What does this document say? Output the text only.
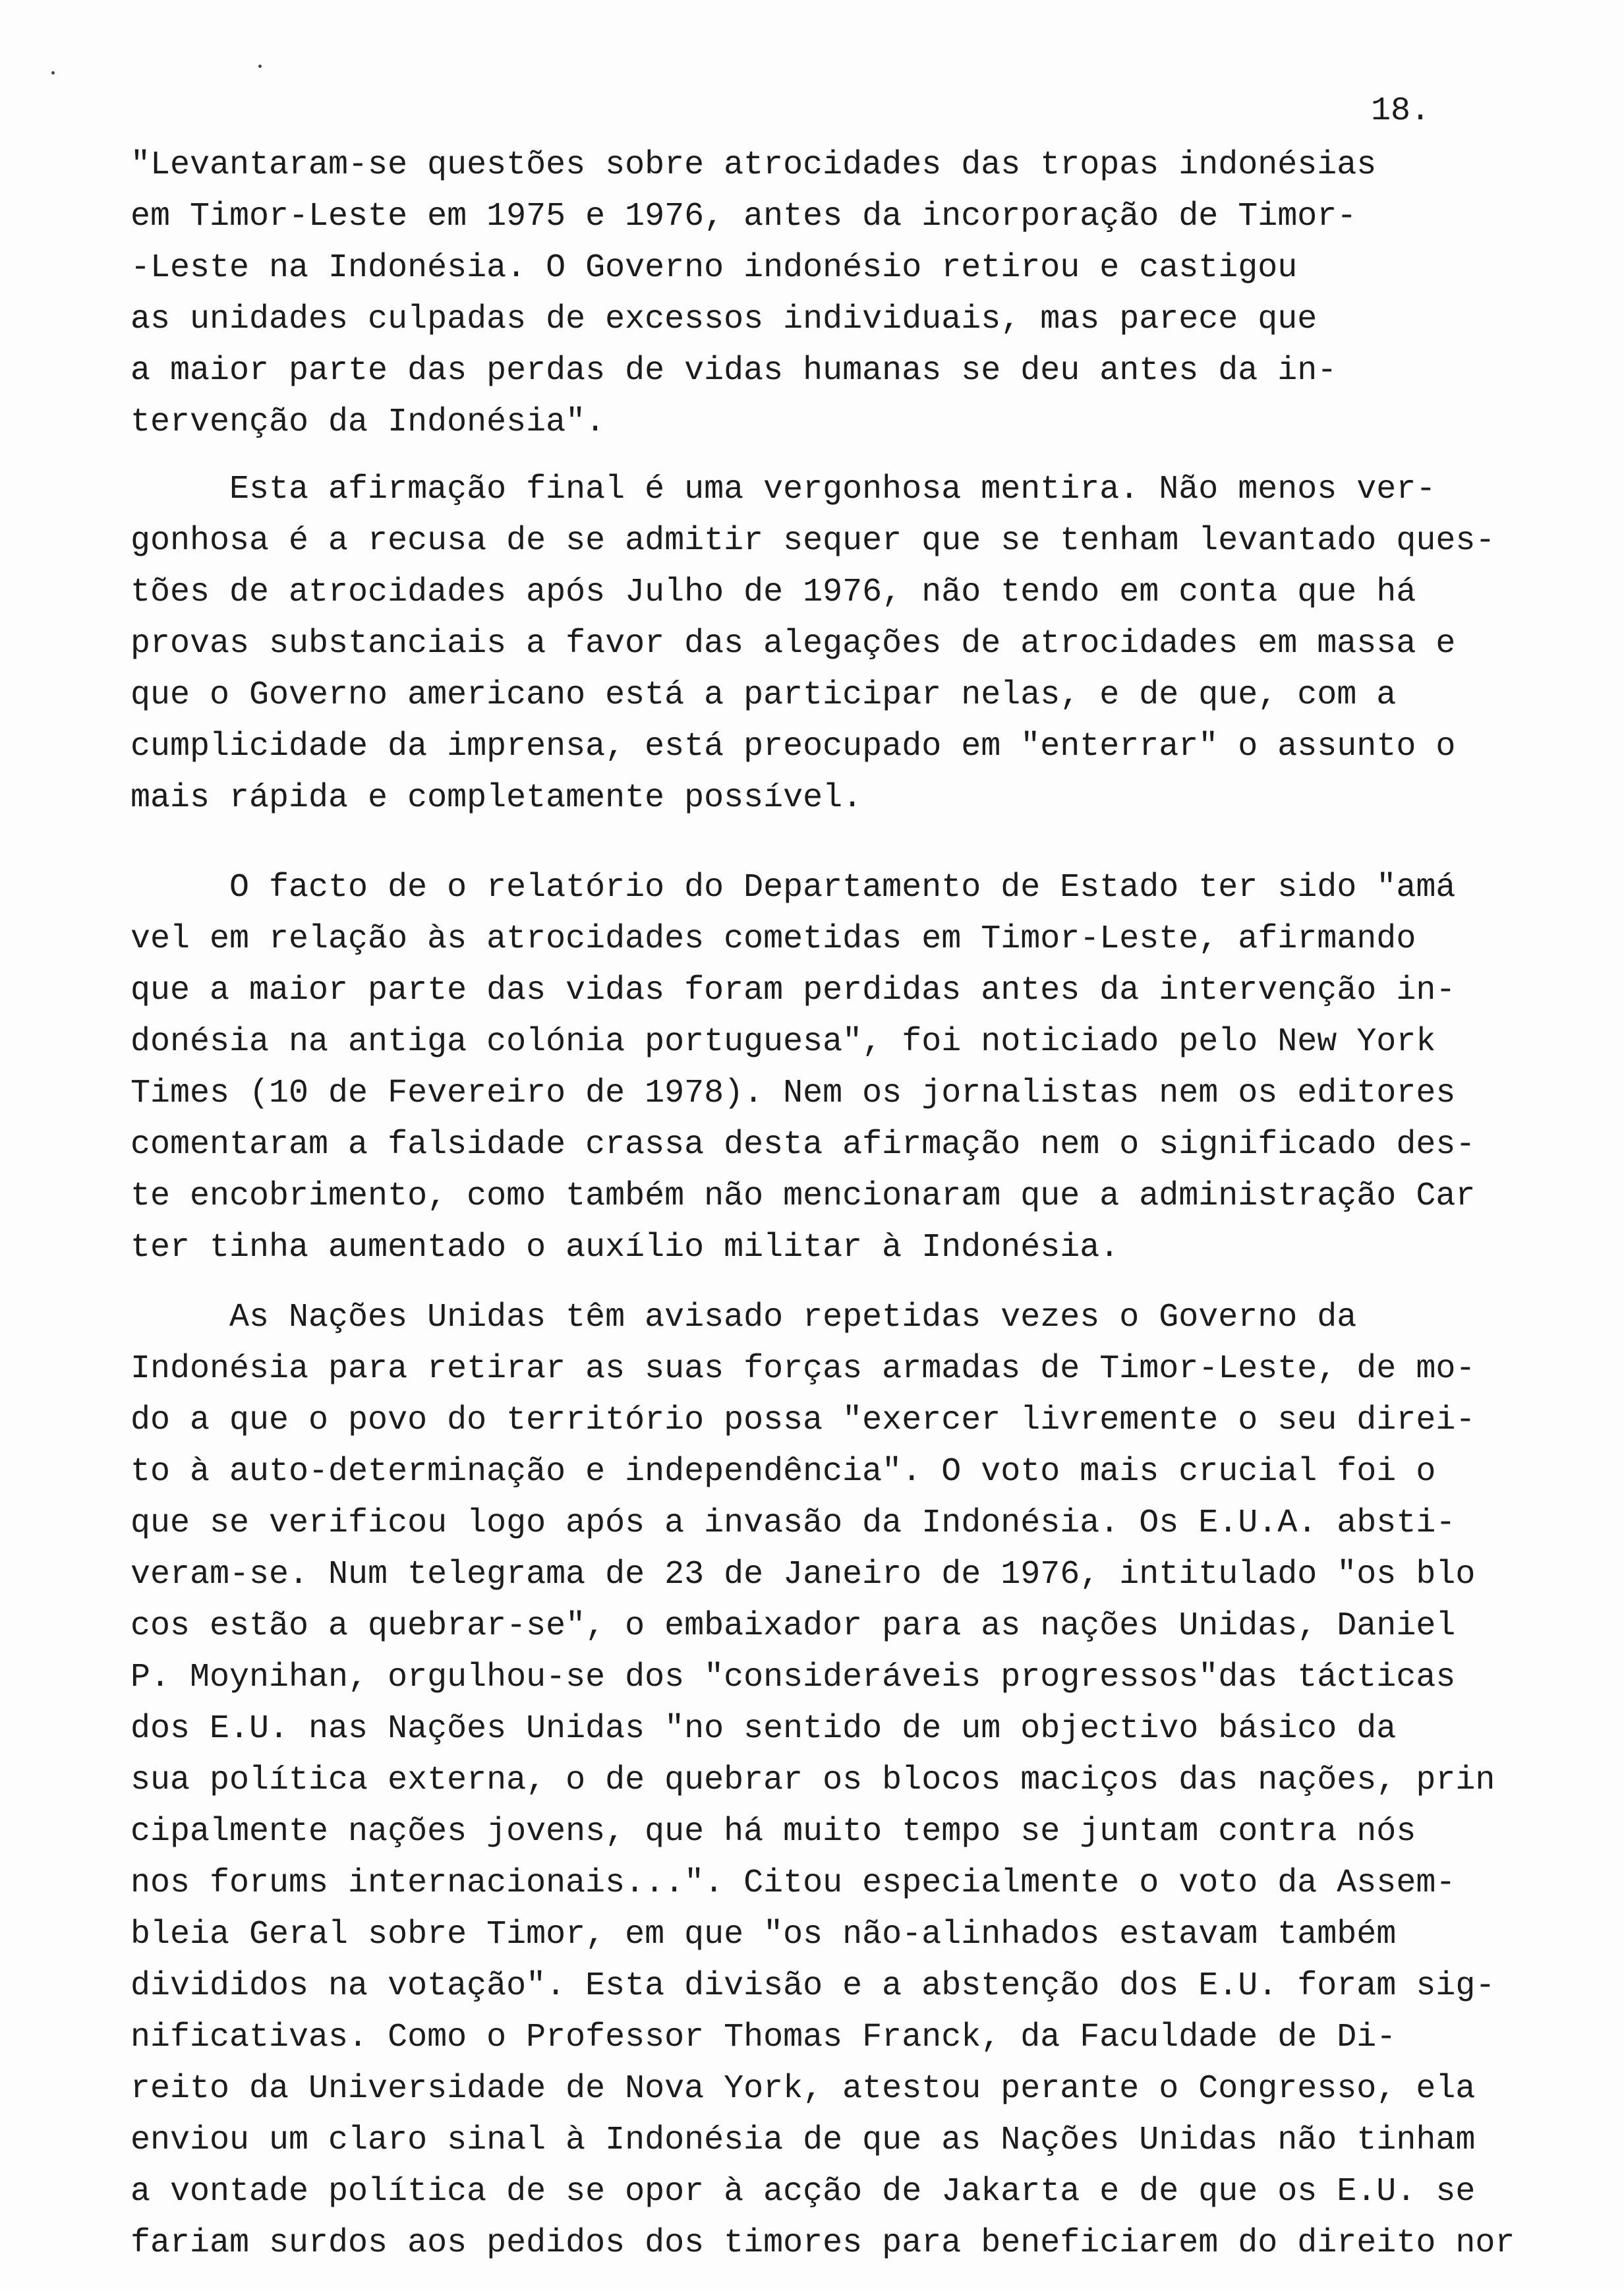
18.

"Levantaram-se questões sobre atrocidades das tropas indonésias
em Timor-Leste em 1975 e 1976, antes da incorporação de Timor-
-Leste na Indonésia. O Governo indonésio retirou e castigou
as unidades culpadas de excessos individuais, mas parece que
a maior parte das perdas de vidas humanas se deu antes da in-
tervenção da Indonésia".

Esta afirmação final é uma vergonhosa mentira. Não menos ver-
gonhosa é a recusa de se admitir sequer que se tenham levantado ques-
tões de atrocidades após Julho de 1976, não tendo em conta que há
provas substanciais a favor das alegações de atrocidades em massa e
que o Governo americano está a participar nelas, e de que, com a
cumplicidade da imprensa, está preocupado em "enterrar" o assunto o
mais rápida e completamente possível.

O facto de o relatório do Departamento de Estado ter sido "amá
vel em relação às atrocidades cometidas em Timor-Leste, afirmando
que a maior parte das vidas foram perdidas antes da intervenção in-
donésia na antiga colónia portuguesa", foi noticiado pelo New York
Times (10 de Fevereiro de 1978). Nem os jornalistas nem os editores
comentaram a falsidade crassa desta afirmação nem o significado des-
te encobrimento, como também não mencionaram que a administração Car
ter tinha aumentado o auxílio militar à Indonésia.

As Nações Unidas têm avisado repetidas vezes o Governo da
Indonésia para retirar as suas forças armadas de Timor-Leste, de mo-
do a que o povo do território possa "exercer livremente o seu direi-
to à auto-determinação e independência". O voto mais crucial foi o
que se verificou logo após a invasão da Indonésia. Os E.U.A. absti-
veram-se. Num telegrama de 23 de Janeiro de 1976, intitulado "os blo
cos estão a quebrar-se", o embaixador para as nações Unidas, Daniel
P. Moynihan, orgulhou-se dos "consideráveis progressos"das tácticas
dos E.U. nas Nações Unidas "no sentido de um objectivo básico da
sua política externa, o de quebrar os blocos maciços das nações, prin
cipalmente nações jovens, que há muito tempo se juntam contra nós
nos forums internacionais...". Citou especialmente o voto da Assem-
bleia Geral sobre Timor, em que "os não-alinhados estavam também
divididos na votação". Esta divisão e a abstenção dos E.U. foram sig-
nificativas. Como o Professor Thomas Franck, da Faculdade de Di-
reito da Universidade de Nova York, atestou perante o Congresso, ela
enviou um claro sinal à Indonésia de que as Nações Unidas não tinham
a vontade política de se opor à acção de Jakarta e de que os E.U. se
fariam surdos aos pedidos dos timores para beneficiarem do direito nor
